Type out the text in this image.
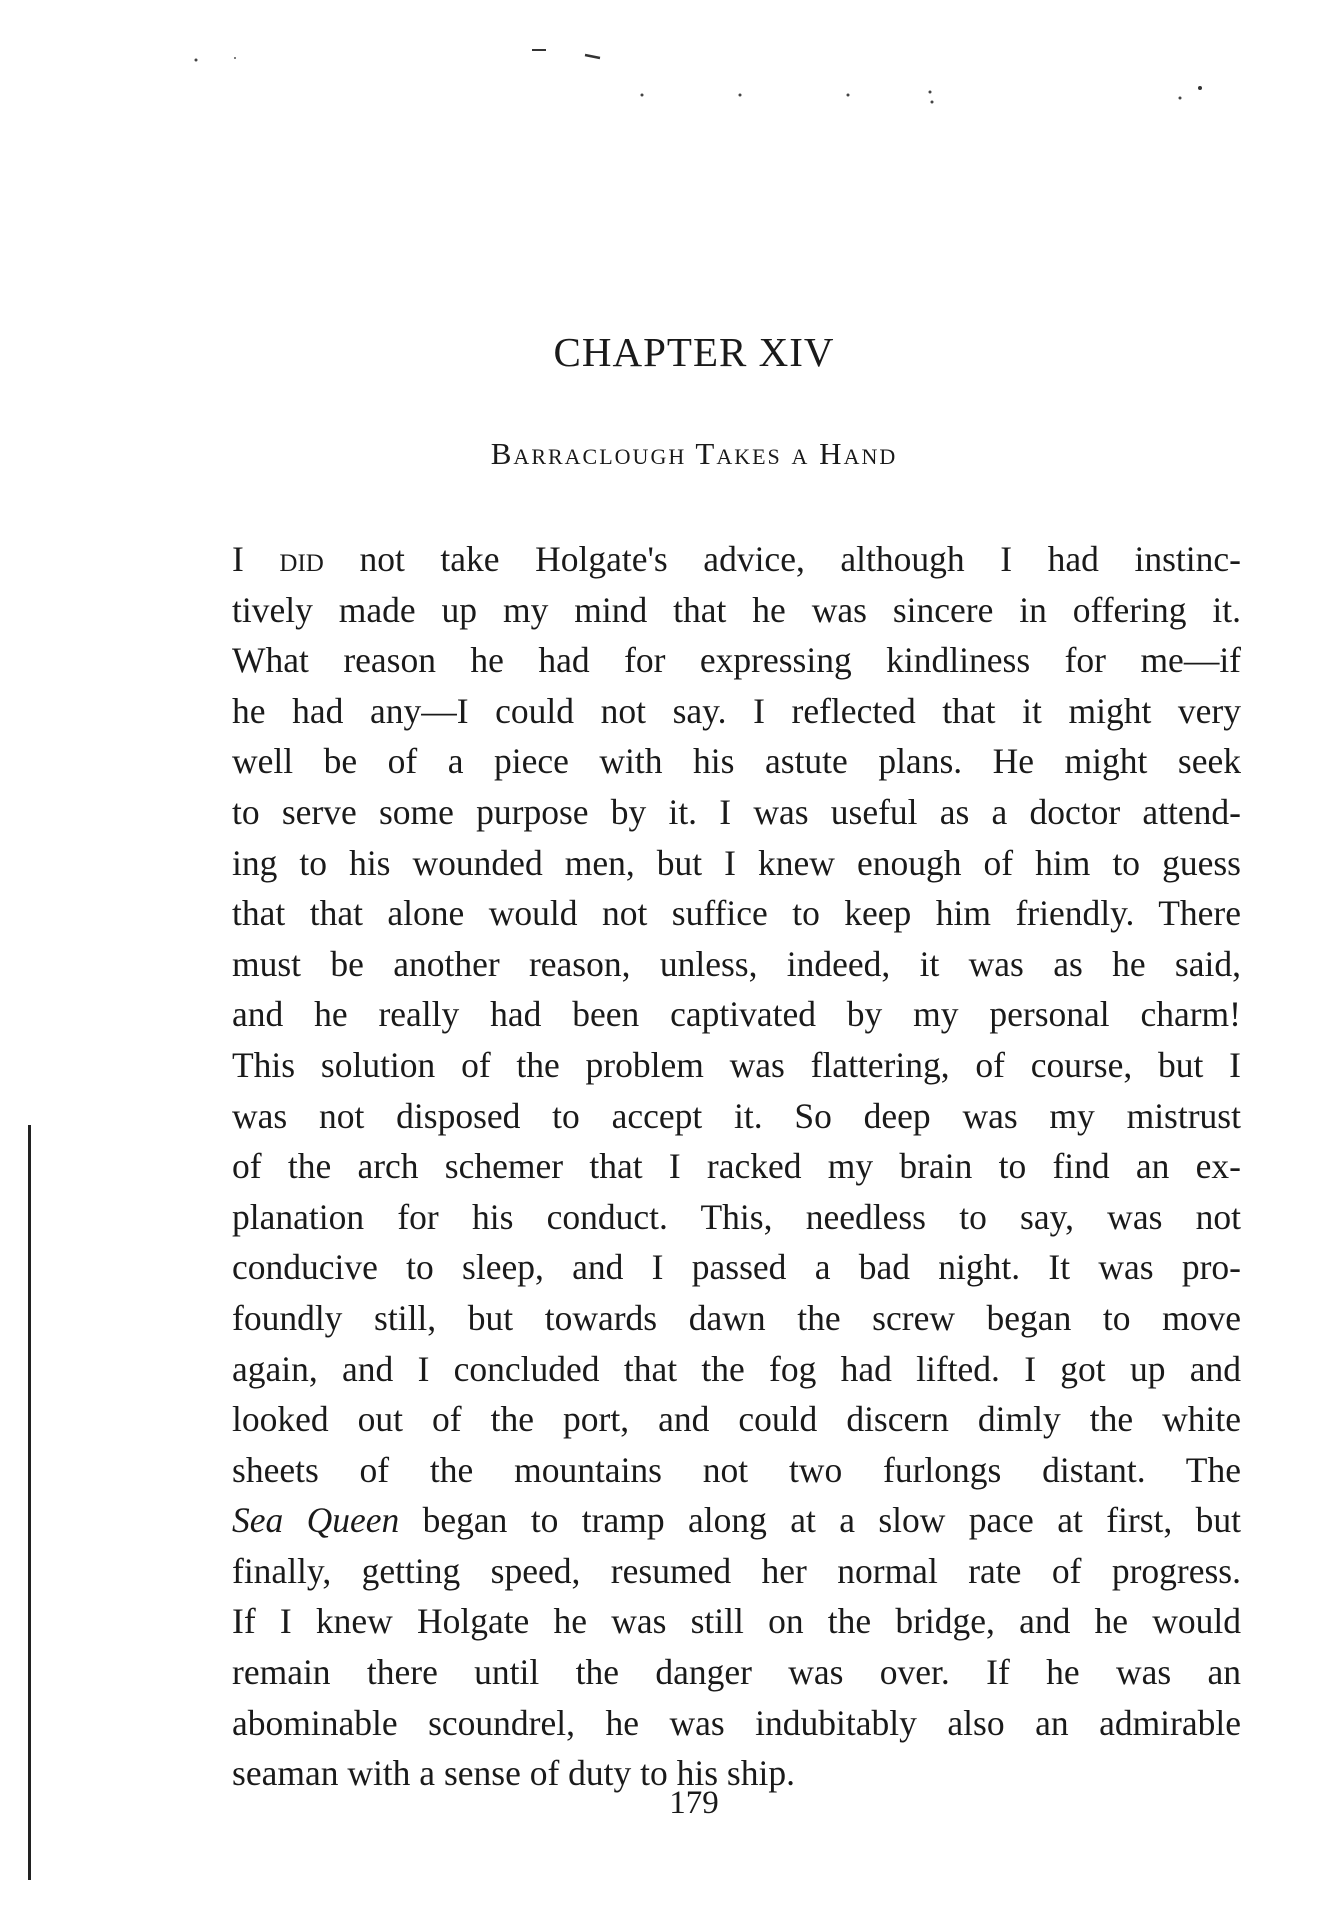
CHAPTER XIV
Barraclough Takes a Hand
I did not take Holgate's advice, although I had instinc-
tively made up my mind that he was sincere in offering it.
What reason he had for expressing kindliness for me—if
he had any—I could not say. I reflected that it might very
well be of a piece with his astute plans. He might seek
to serve some purpose by it. I was useful as a doctor attend-
ing to his wounded men, but I knew enough of him to guess
that that alone would not suffice to keep him friendly. There
must be another reason, unless, indeed, it was as he said,
and he really had been captivated by my personal charm!
This solution of the problem was flattering, of course, but I
was not disposed to accept it. So deep was my mistrust
of the arch schemer that I racked my brain to find an ex-
planation for his conduct. This, needless to say, was not
conducive to sleep, and I passed a bad night. It was pro-
foundly still, but towards dawn the screw began to move
again, and I concluded that the fog had lifted. I got up and
looked out of the port, and could discern dimly the white
sheets of the mountains not two furlongs distant. The
Sea Queen began to tramp along at a slow pace at first, but
finally, getting speed, resumed her normal rate of progress.
If I knew Holgate he was still on the bridge, and he would
remain there until the danger was over. If he was an
abominable scoundrel, he was indubitably also an admirable
seaman with a sense of duty to his ship.
179
